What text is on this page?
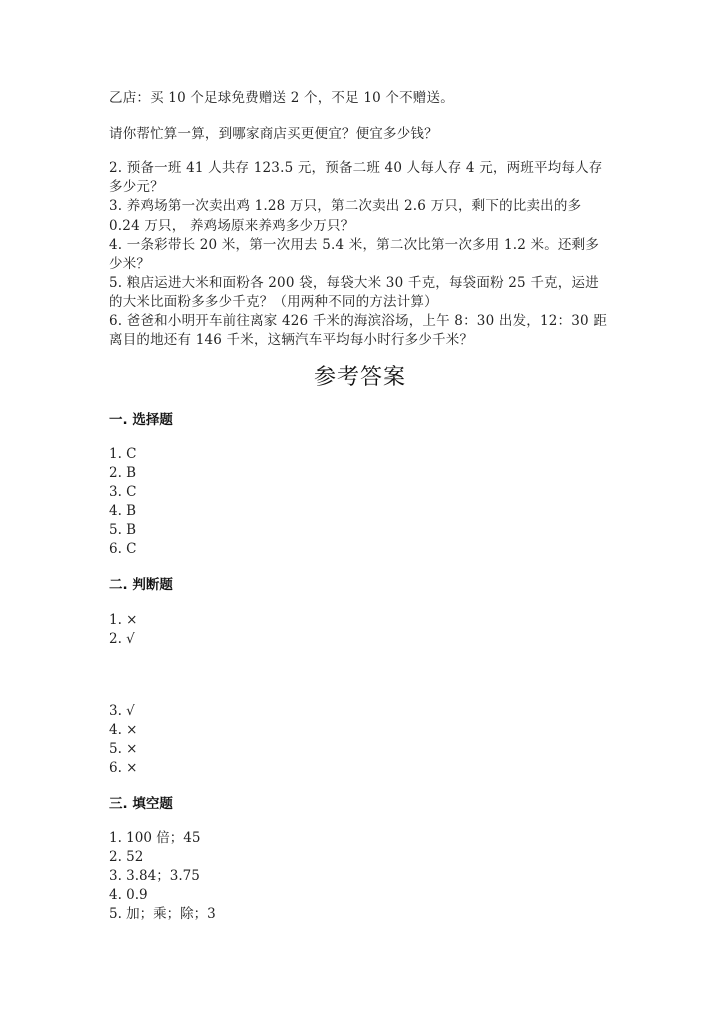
乙店：买 10 个足球免费赠送 2 个，不足 10 个不赠送。
请你帮忙算一算，到哪家商店买更便宜？便宜多少钱？
2. 预备一班 41 人共存 123.5 元，预备二班 40 人每人存 4 元，两班平均每人存
多少元？
3. 养鸡场第一次卖出鸡 1.28 万只，第二次卖出 2.6 万只，剩下的比卖出的多
0.24 万只， 养鸡场原来养鸡多少万只？
4. 一条彩带长 20 米，第一次用去 5.4 米，第二次比第一次多用 1.2 米。还剩多
少米？
5. 粮店运进大米和面粉各 200 袋，每袋大米 30 千克，每袋面粉 25 千克，运进
的大米比面粉多多少千克？（用两种不同的方法计算）
6. 爸爸和小明开车前往离家 426 千米的海滨浴场，上午 8：30 出发，12：30 距
离目的地还有 146 千米，这辆汽车平均每小时行多少千米？
参考答案
一. 选择题
1. C
2. B
3. C
4. B
5. B
6. C
二. 判断题
1. ×
2. √
3. √
4. ×
5. ×
6. ×
三. 填空题
1. 100 倍；45
2. 52
3. 3.84；3.75
4. 0.9
5. 加；乘；除；3
